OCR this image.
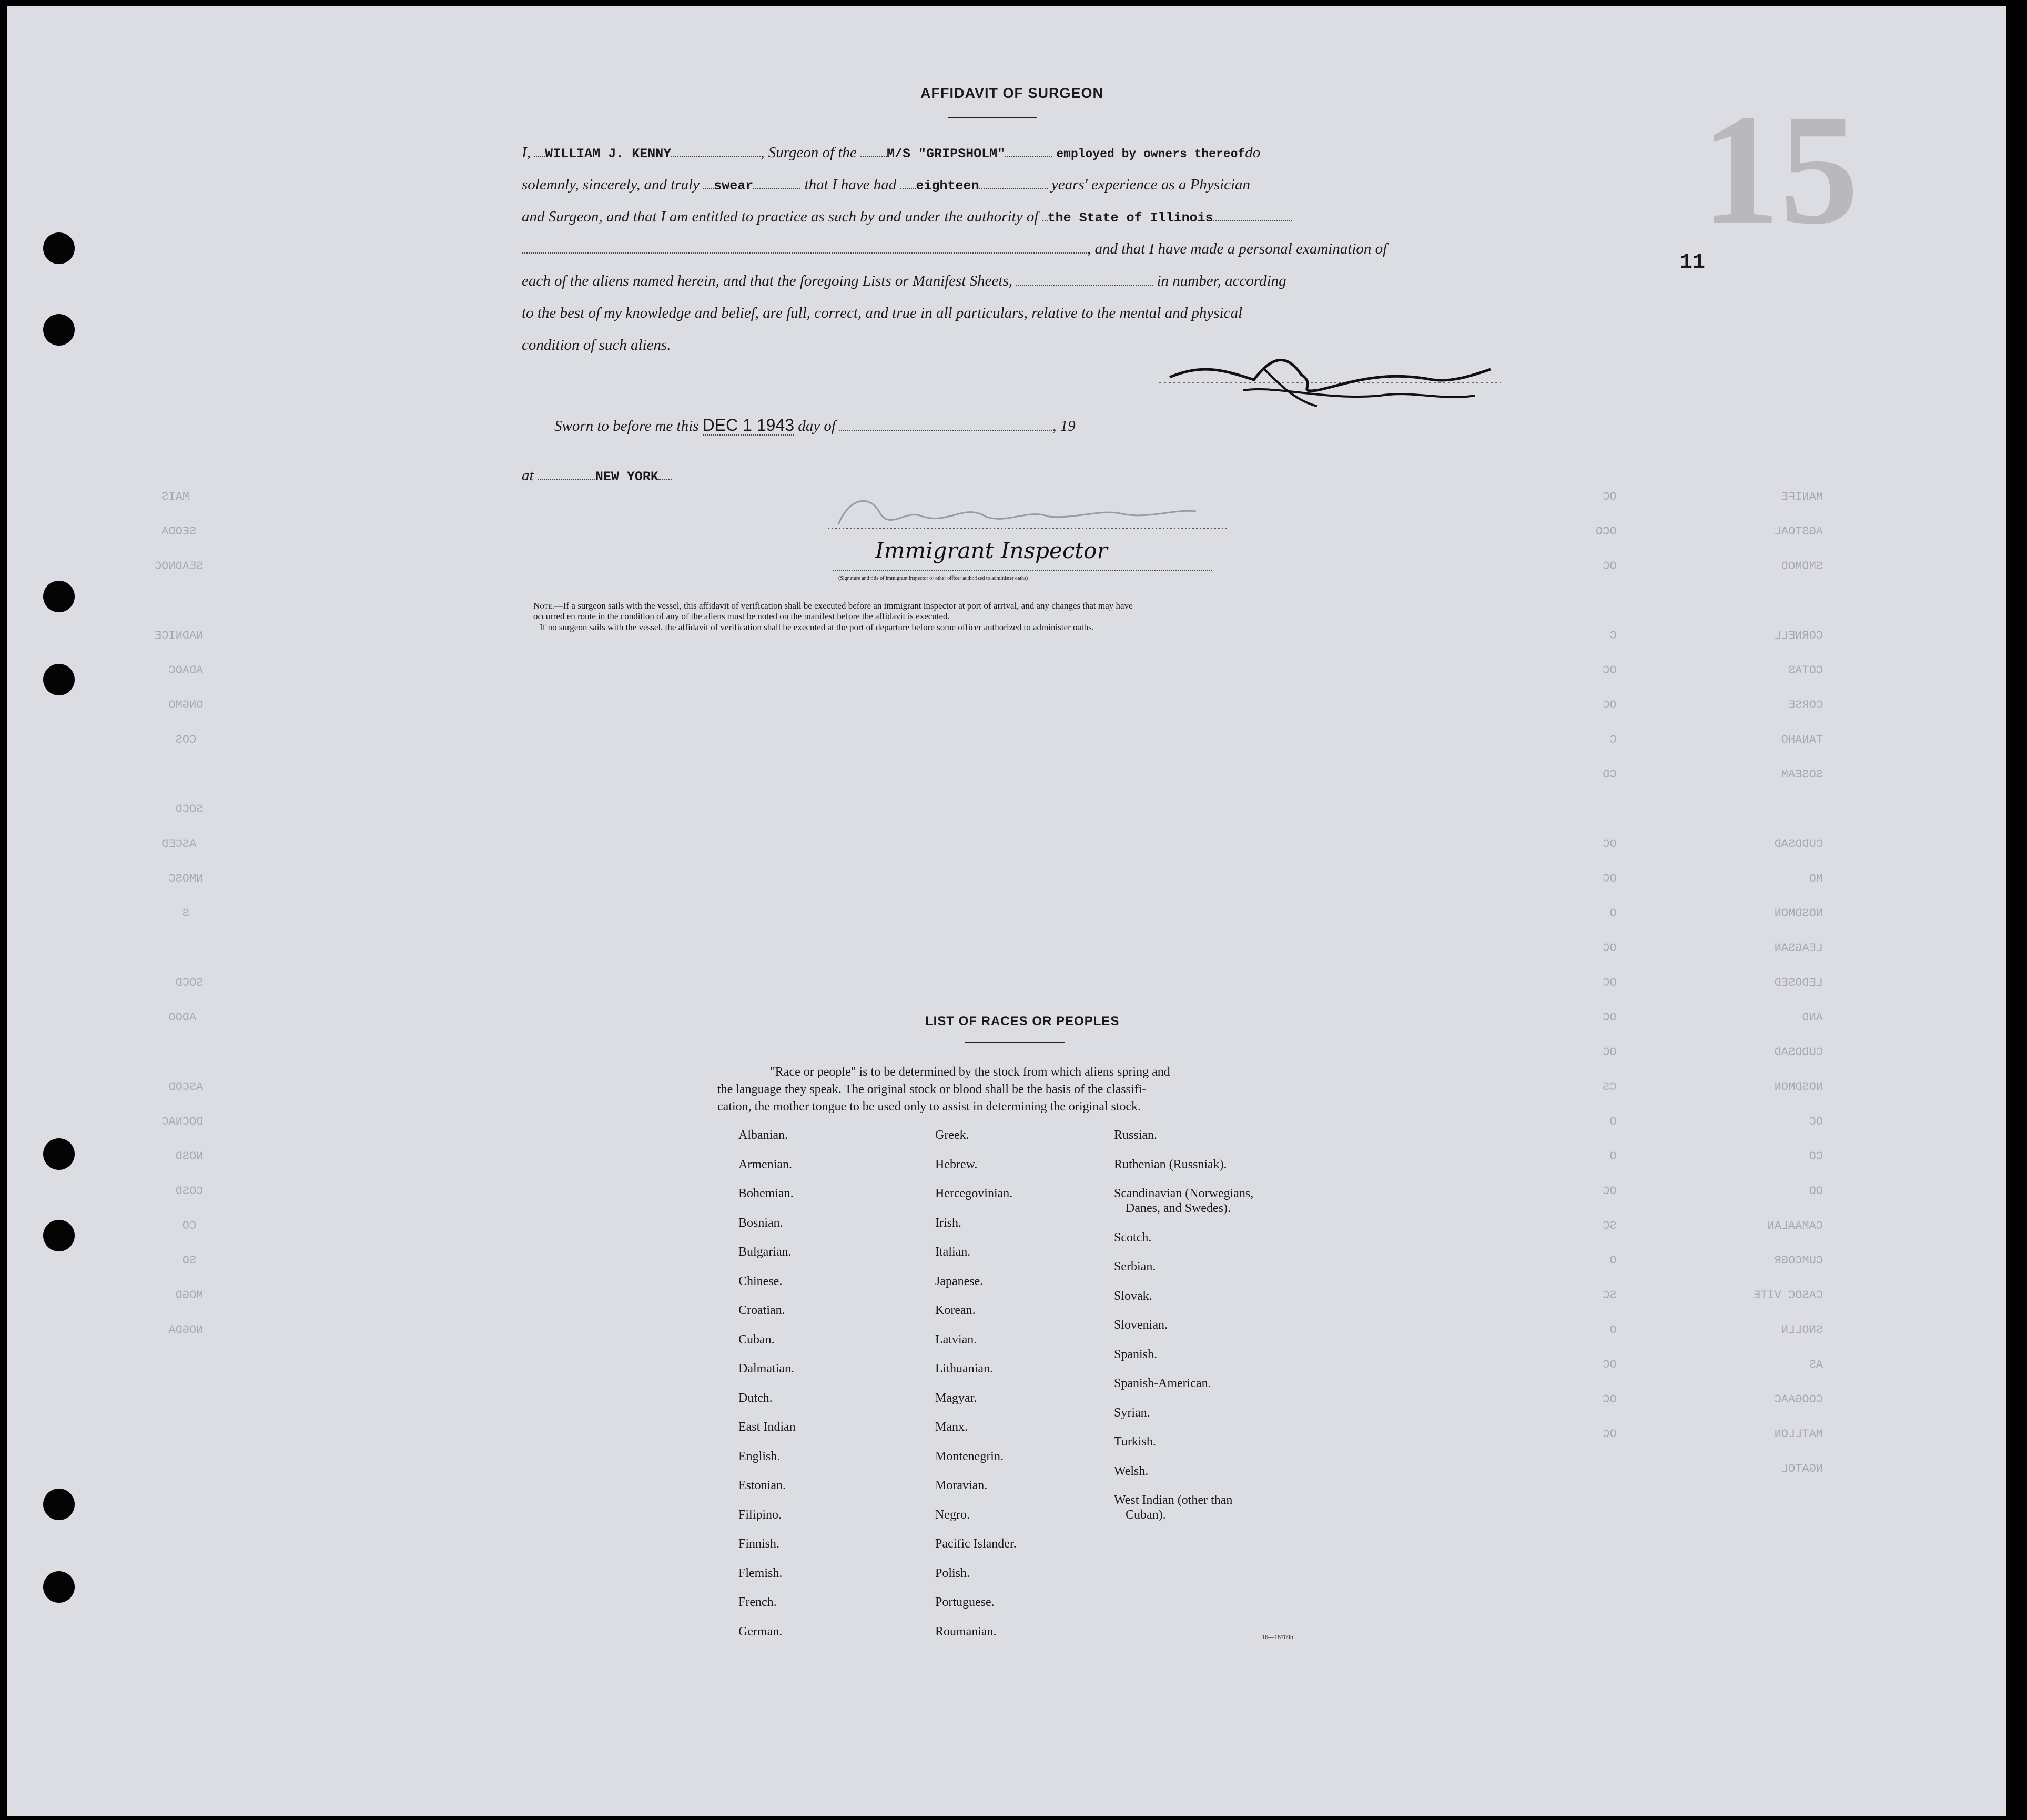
MANIFE
AGSTOAL
SMDMOD

CORNELL
COTAS
CORSE
TANAHO
SOSEAM

CUDDSAD
MO
NOSDMON
LEAGSAN
LEDOSED
AND
CUDDSAD
NOSDMON
OC
CO
OO
CAMAALAN
CUMCOGR
CASOC VITE
SNOLLN
AS
COOGAAC
MATLLON
NGATOL
OC
OCO
OC

C
OC
OC
C
CD

OC
OC
O
OC
OC
OC
OC
CS
O
O
OC
SC
O
SC
O
OC
OC
OC
MAIS
SEODA
SEADNOC

NADNICE
ADAOC
ONGMO
COS

SOCD
ASCED
NMOSC
S

SOCD
ADOO

ASCOD
DOCNAC
NOSD
COSD
CO
SO
MOGD
NOGDA
15
11
AFFIDAVIT OF SURGEON
I, WILLIAM J. KENNY	, Surgeon of the M/S "GRIPSHOLM"	employed by owners thereofdo
solemnly, sincerely, and truly swear	that I have had eighteen	years' experience as a Physician
and Surgeon, and that I am entitled to practice as such by and under the authority of the State of Illinois
, and that I have made a personal examination of
each of the aliens named herein, and that the foregoing Lists or Manifest Sheets,	in number, according
to the best of my knowledge and belief, are full, correct, and true in all particulars, relative to the mental and physical
condition of such aliens.
Sworn to before me this DEC 1 1943 day of	, 19
at	NEW YORK
Immigrant Inspector
(Signature and title of immigrant inspector or other officer authorized to administer oaths)
Note.—If a surgeon sails with the vessel, this affidavit of verification shall be executed before an immigrant inspector at port of arrival, and any changes that may have
occurred en route in the condition of any of the aliens must be noted on the manifest before the affidavit is executed.
If no surgeon sails with the vessel, the affidavit of verification shall be executed at the port of departure before some officer authorized to administer oaths.
LIST OF RACES OR PEOPLES
"Race or people" is to be determined by the stock from which aliens spring and
the language they speak. The original stock or blood shall be the basis of the classifi-
cation, the mother tongue to be used only to assist in determining the original stock.
Albanian.
Armenian.
Bohemian.
Bosnian.
Bulgarian.
Chinese.
Croatian.
Cuban.
Dalmatian.
Dutch.
East Indian
English.
Estonian.
Filipino.
Finnish.
Flemish.
French.
German.
Greek.
Hebrew.
Hercegovinian.
Irish.
Italian.
Japanese.
Korean.
Latvian.
Lithuanian.
Magyar.
Manx.
Montenegrin.
Moravian.
Negro.
Pacific Islander.
Polish.
Portuguese.
Roumanian.
Russian.
Ruthenian (Russniak).
Scandinavian (Norwegians,
Danes, and Swedes).
Scotch.
Serbian.
Slovak.
Slovenian.
Spanish.
Spanish-American.
Syrian.
Turkish.
Welsh.
West Indian (other than
Cuban).
16—18709b
